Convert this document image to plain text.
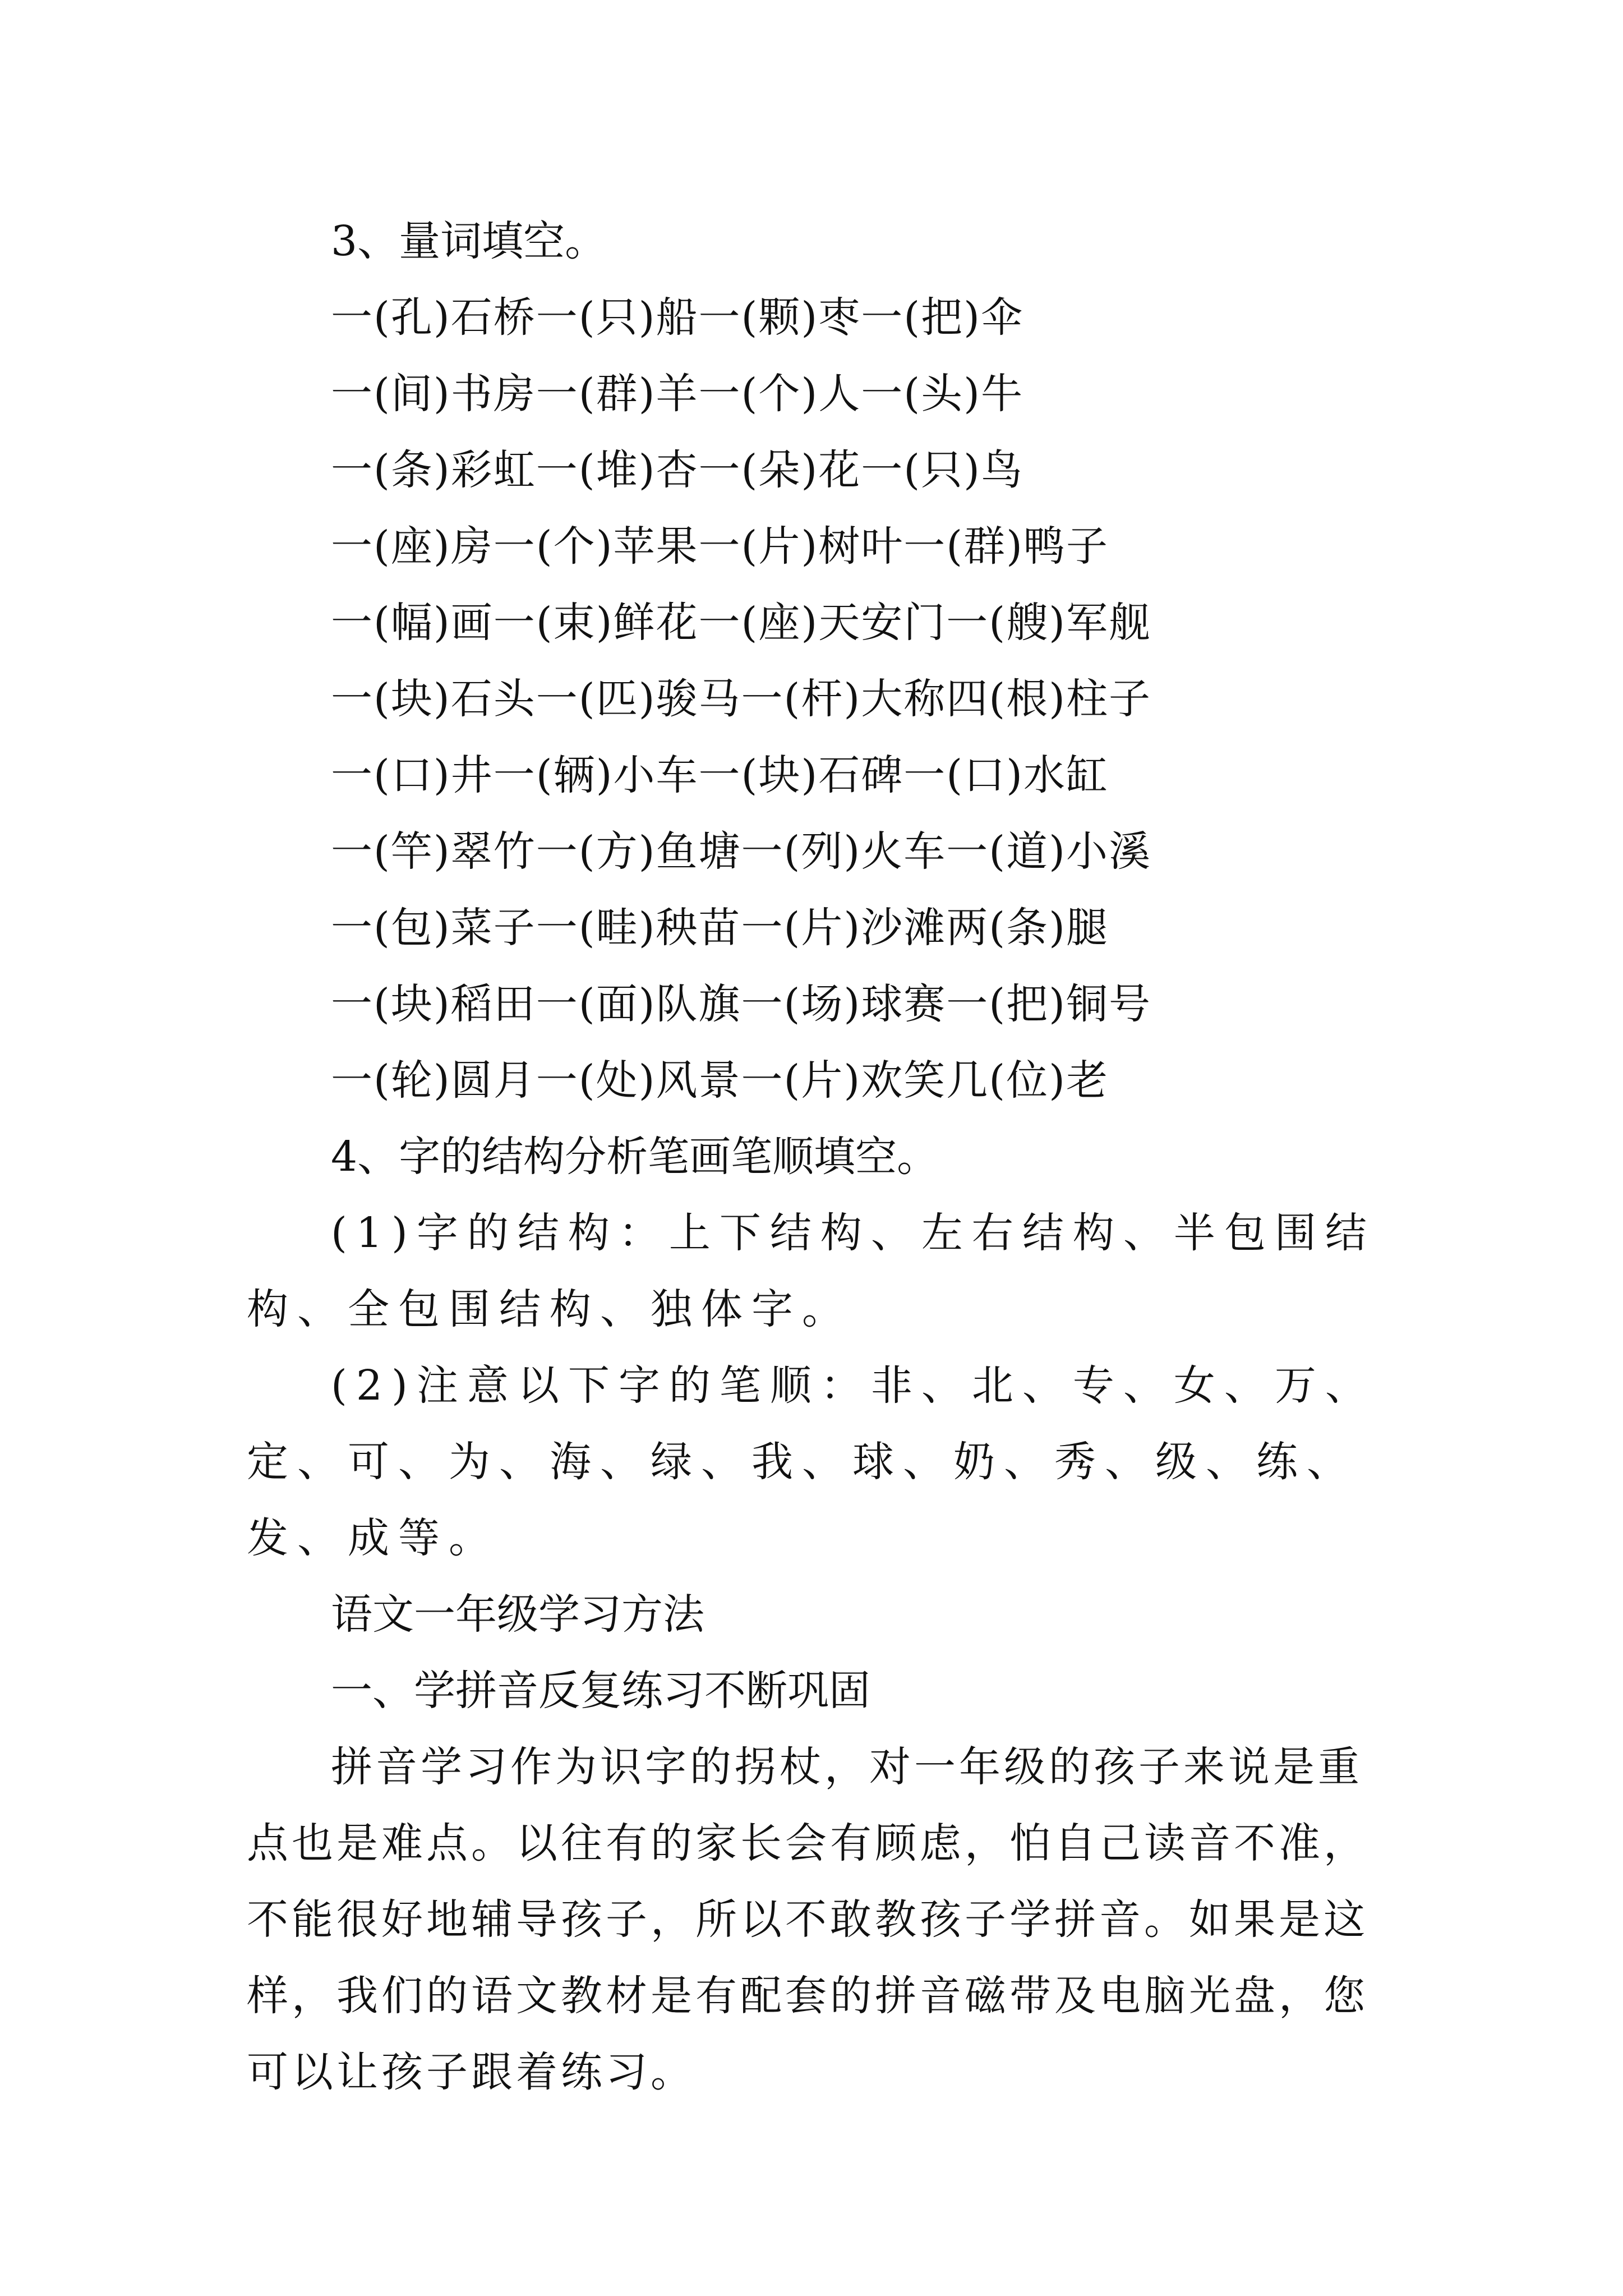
3、量词填空。

一(孔)石桥一(只)船一(颗)枣一(把)伞

一(间)书房一(群)羊一(个)人一(头)牛

一(条)彩虹一(堆)杏一(朵)花一(只)鸟

一(座)房一(个)苹果一(片)树叶一(群)鸭子

一(幅)画一(束)鲜花一(座)天安门一(艘)军舰

一(块)石头一(匹)骏马一(杆)大称四(根)柱子

一(口)井一(辆)小车一(块)石碑一(口)水缸

一(竿)翠竹一(方)鱼塘一(列)火车一(道)小溪

一(包)菜子一(畦)秧苗一(片)沙滩两(条)腿

一(块)稻田一(面)队旗一(场)球赛一(把)铜号

一(轮)圆月一(处)风景一(片)欢笑几(位)老

4、字的结构分析笔画笔顺填空。

(1)字的结构：上下结构、左右结构、半包围结构、全包围结构、独体字。

(2)注意以下字的笔顺：非、北、专、女、万、定、可、为、海、绿、我、球、奶、秀、级、练、发、成等。

语文一年级学习方法

一、学拼音反复练习不断巩固

拼音学习作为识字的拐杖，对一年级的孩子来说是重点也是难点。以往有的家长会有顾虑，怕自己读音不准，不能很好地辅导孩子，所以不敢教孩子学拼音。如果是这样，我们的语文教材是有配套的拼音磁带及电脑光盘，您可以让孩子跟着练习。
